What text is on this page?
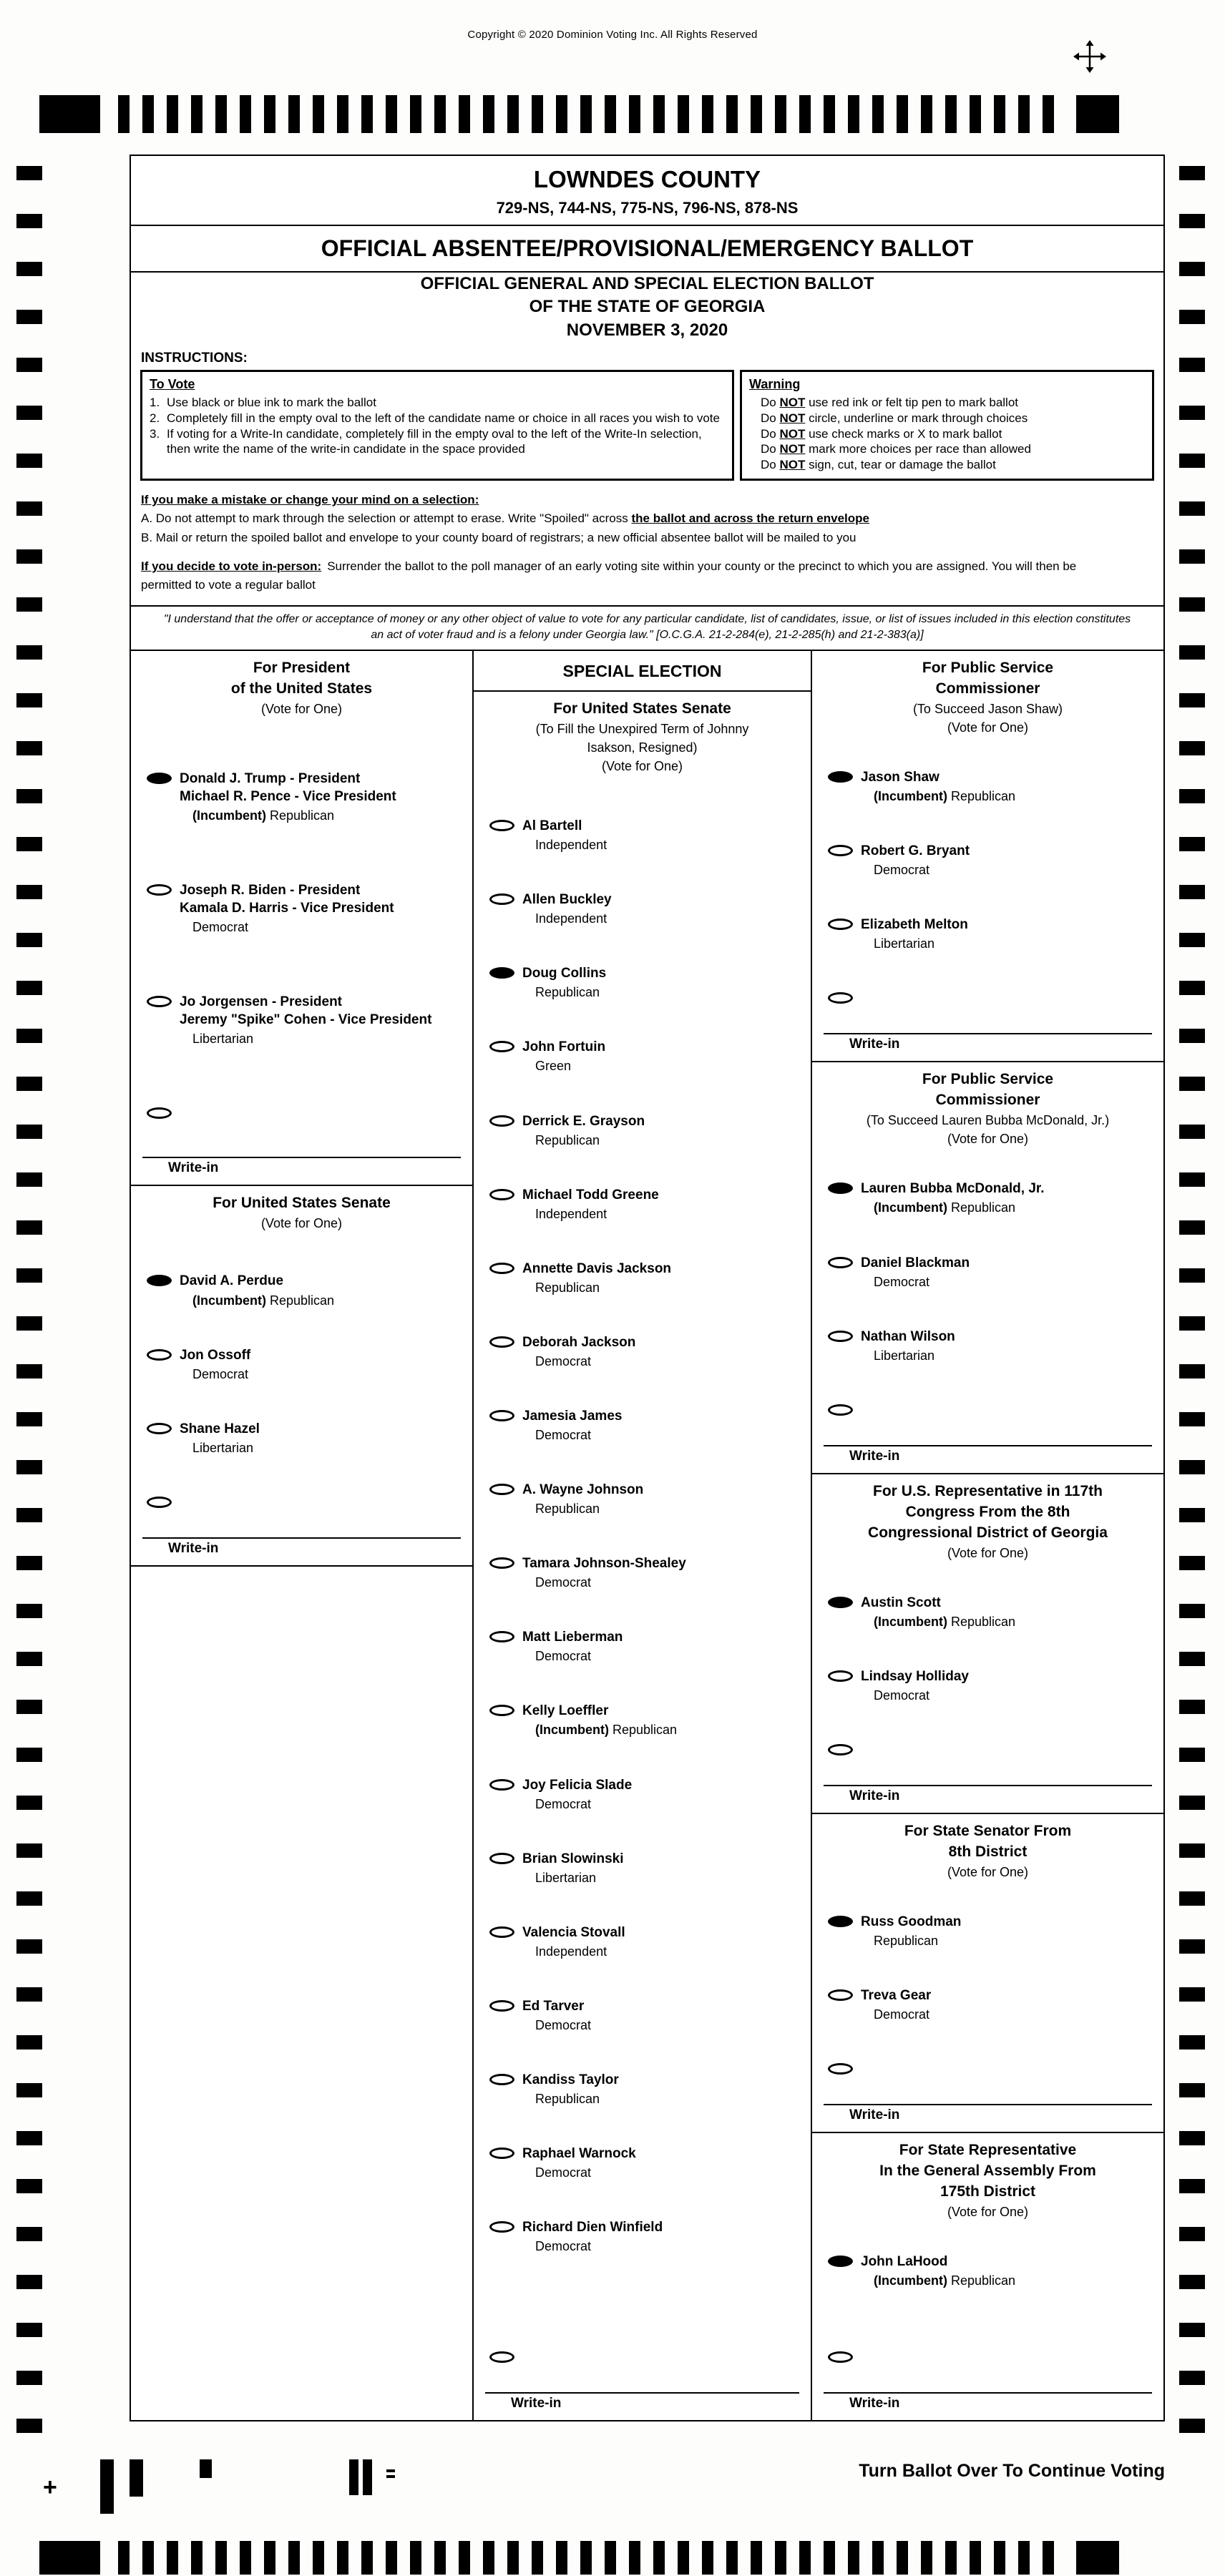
Copyright © 2020 Dominion Voting Inc. All Rights Reserved
LOWNDES COUNTY
729-NS, 744-NS, 775-NS, 796-NS, 878-NS
OFFICIAL ABSENTEE/PROVISIONAL/EMERGENCY BALLOT
OFFICIAL GENERAL AND SPECIAL ELECTION BALLOT
OF THE STATE OF GEORGIA
NOVEMBER 3, 2020
INSTRUCTIONS:
To Vote
1. Use black or blue ink to mark the ballot
2. Completely fill in the empty oval to the left of the candidate name or choice in all races you wish to vote
3. If voting for a Write-In candidate, completely fill in the empty oval to the left of the Write-In selection, then write the name of the write-in candidate in the space provided
Warning
Do NOT use red ink or felt tip pen to mark ballot
Do NOT circle, underline or mark through choices
Do NOT use check marks or X to mark ballot
Do NOT mark more choices per race than allowed
Do NOT sign, cut, tear or damage the ballot
If you make a mistake or change your mind on a selection:
A. Do not attempt to mark through the selection or attempt to erase. Write "Spoiled" across the ballot and across the return envelope
B. Mail or return the spoiled ballot and envelope to your county board of registrars; a new official absentee ballot will be mailed to you
If you decide to vote in-person: Surrender the ballot to the poll manager of an early voting site within your county or the precinct to which you are assigned. You will then be permitted to vote a regular ballot
"I understand that the offer or acceptance of money or any other object of value to vote for any particular candidate, list of candidates, issue, or list of issues included in this election constitutes an act of voter fraud and is a felony under Georgia law." [O.C.G.A. 21-2-284(e), 21-2-285(h) and 21-2-383(a)]
For President
of the United States
(Vote for One)
Donald J. Trump - President
Michael R. Pence - Vice President
(Incumbent) Republican
Joseph R. Biden - President
Kamala D. Harris - Vice President
Democrat
Jo Jorgensen - President
Jeremy "Spike" Cohen - Vice President
Libertarian
Write-in
For United States Senate
(Vote for One)
David A. Perdue
(Incumbent) Republican
Jon Ossoff
Democrat
Shane Hazel
Libertarian
Write-in
SPECIAL ELECTION
For United States Senate
(To Fill the Unexpired Term of Johnny
Isakson, Resigned)
(Vote for One)
Al Bartell
Independent
Allen Buckley
Independent
Doug Collins
Republican
John Fortuin
Green
Derrick E. Grayson
Republican
Michael Todd Greene
Independent
Annette Davis Jackson
Republican
Deborah Jackson
Democrat
Jamesia James
Democrat
A. Wayne Johnson
Republican
Tamara Johnson-Shealey
Democrat
Matt Lieberman
Democrat
Kelly Loeffler
(Incumbent) Republican
Joy Felicia Slade
Democrat
Brian Slowinski
Libertarian
Valencia Stovall
Independent
Ed Tarver
Democrat
Kandiss Taylor
Republican
Raphael Warnock
Democrat
Richard Dien Winfield
Democrat
Write-in
For Public Service
Commissioner
(To Succeed Jason Shaw)
(Vote for One)
Jason Shaw
(Incumbent) Republican
Robert G. Bryant
Democrat
Elizabeth Melton
Libertarian
Write-in
For Public Service
Commissioner
(To Succeed Lauren Bubba McDonald, Jr.)
(Vote for One)
Lauren Bubba McDonald, Jr.
(Incumbent) Republican
Daniel Blackman
Democrat
Nathan Wilson
Libertarian
Write-in
For U.S. Representative in 117th
Congress From the 8th
Congressional District of Georgia
(Vote for One)
Austin Scott
(Incumbent) Republican
Lindsay Holliday
Democrat
Write-in
For State Senator From
8th District
(Vote for One)
Russ Goodman
Republican
Treva Gear
Democrat
Write-in
For State Representative
In the General Assembly From
175th District
(Vote for One)
John LaHood
(Incumbent) Republican
Write-in
+
Turn Ballot Over To Continue Voting
